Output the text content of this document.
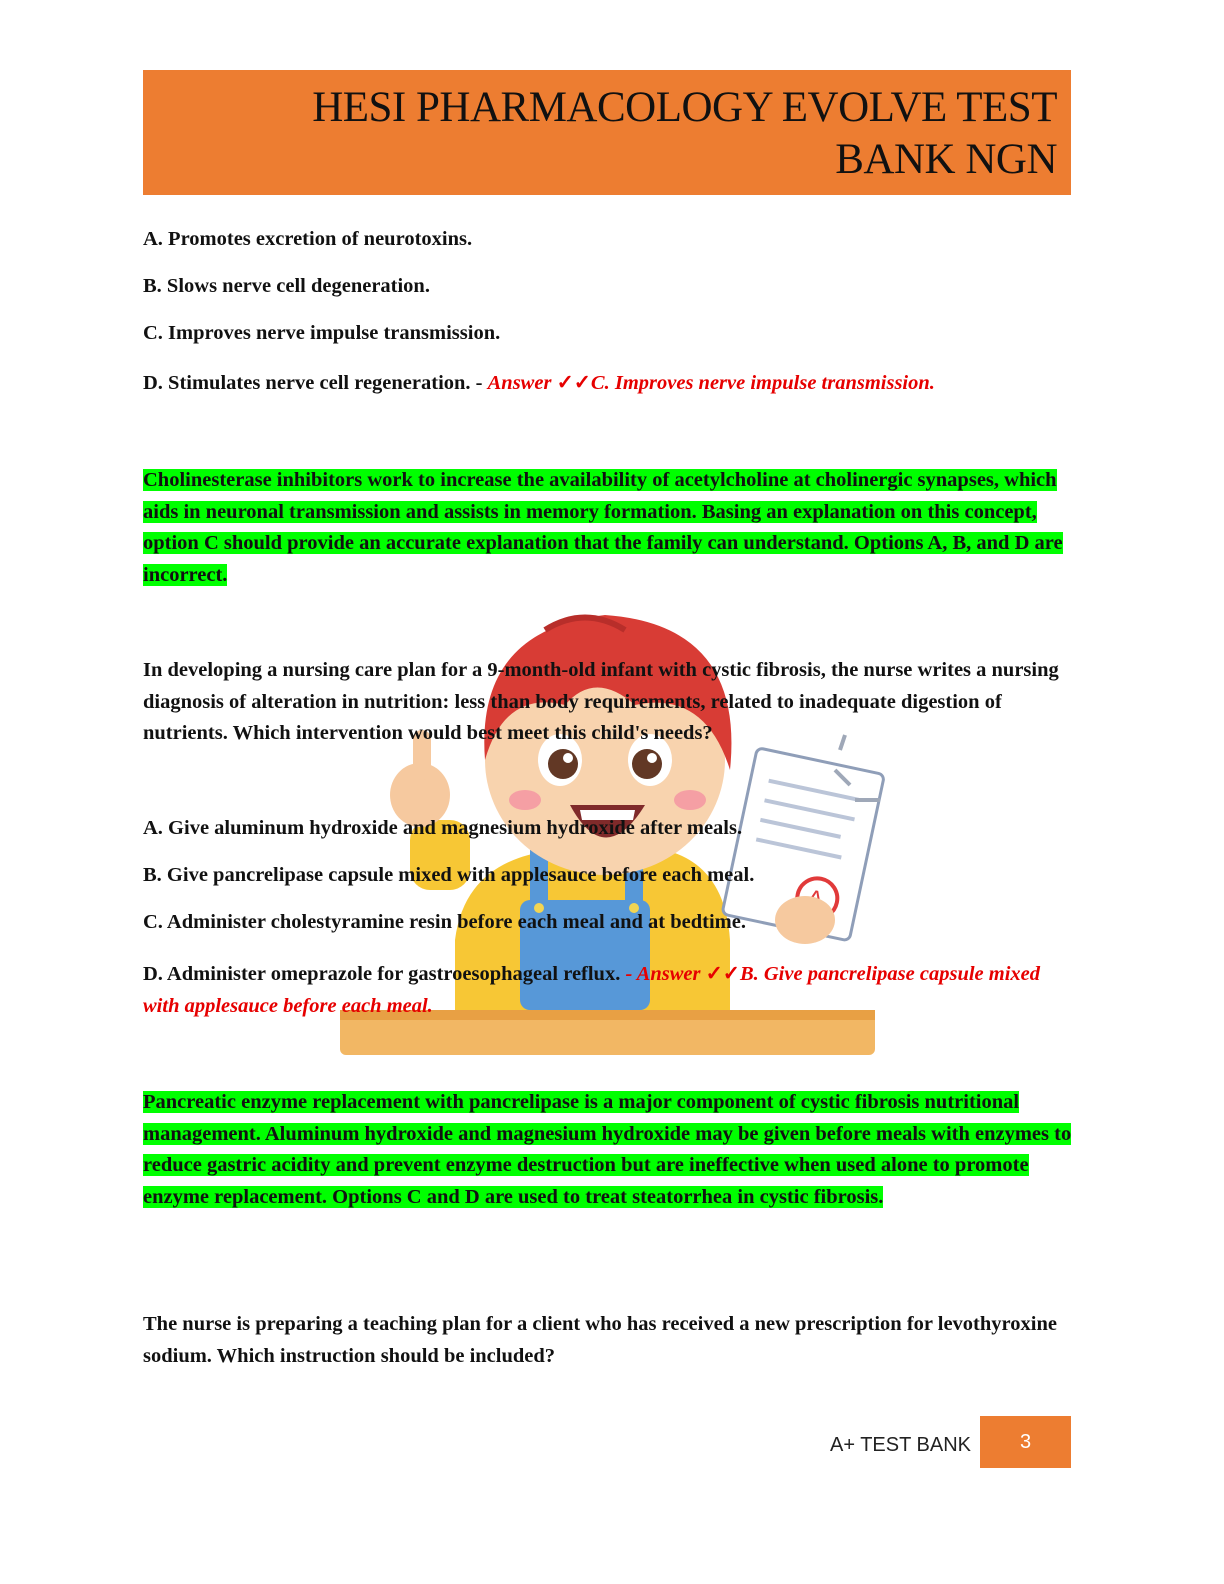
HESI PHARMACOLOGY EVOLVE TEST
BANK NGN
A. Promotes excretion of neurotoxins.
B. Slows nerve cell degeneration.
C. Improves nerve impulse transmission.
D. Stimulates nerve cell regeneration. - Answer ✓✓C. Improves nerve impulse transmission.
Cholinesterase inhibitors work to increase the availability of acetylcholine at cholinergic synapses, which aids in neuronal transmission and assists in memory formation. Basing an explanation on this concept, option C should provide an accurate explanation that the family can understand. Options A, B, and D are incorrect.
In developing a nursing care plan for a 9-month-old infant with cystic fibrosis, the nurse writes a nursing diagnosis of alteration in nutrition: less than body requirements, related to inadequate digestion of nutrients. Which intervention would best meet this child's needs?
A. Give aluminum hydroxide and magnesium hydroxide after meals.
B. Give pancrelipase capsule mixed with applesauce before each meal.
C. Administer cholestyramine resin before each meal and at bedtime.
D. Administer omeprazole for gastroesophageal reflux. - Answer ✓✓B. Give pancrelipase capsule mixed with applesauce before each meal.
Pancreatic enzyme replacement with pancrelipase is a major component of cystic fibrosis nutritional management. Aluminum hydroxide and magnesium hydroxide may be given before meals with enzymes to reduce gastric acidity and prevent enzyme destruction but are ineffective when used alone to promote enzyme replacement. Options C and D are used to treat steatorrhea in cystic fibrosis.
The nurse is preparing a teaching plan for a client who has received a new prescription for levothyroxine sodium. Which instruction should be included?
A+ TEST BANK	3
